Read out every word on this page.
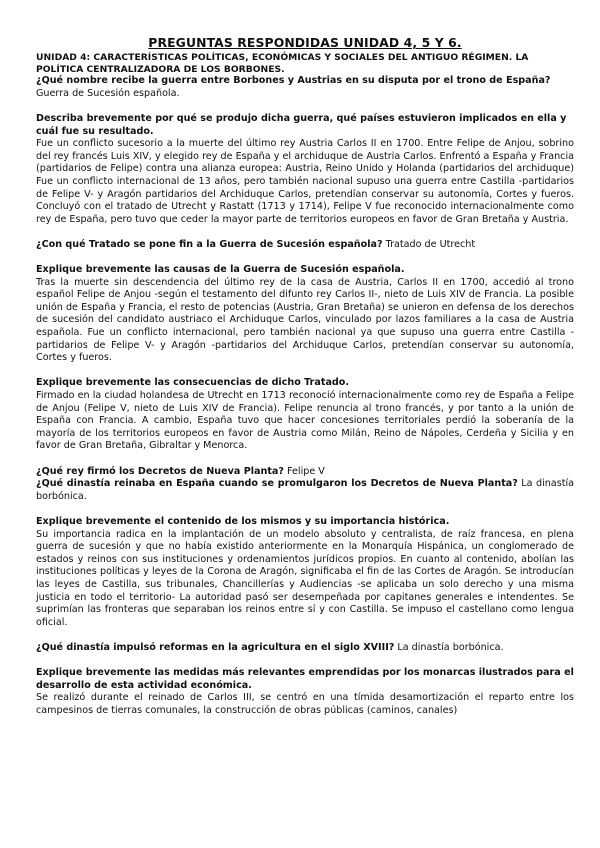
PREGUNTAS RESPONDIDAS UNIDAD 4, 5 Y 6.

UNIDAD 4: CARACTERÍSTICAS POLÍTICAS, ECONÓMICAS Y SOCIALES DEL ANTIGUO RÉGIMEN. LA POLÍTICA CENTRALIZADORA DE LOS BORBONES.

¿Qué nombre recibe la guerra entre Borbones y Austrias en su disputa por el trono de España?

Guerra de Sucesión española.

Describa brevemente por qué se produjo dicha guerra, qué países estuvieron implicados en ella y cuál fue su resultado.

Fue un conflicto sucesorio a la muerte del último rey Austria Carlos II en 1700. Entre Felipe de Anjou, sobrino del rey francés Luis XIV, y elegido rey de España y el archiduque de Austria Carlos. Enfrentó a España y Francia (partidarios de Felipe) contra una alianza europea: Austria, Reino Unido y Holanda (partidarios del archiduque) Fue un conflicto internacional de 13 años, pero también nacional supuso una guerra entre Castilla -partidarios de Felipe V- y Aragón partidarios del Archiduque Carlos, pretendían conservar su autonomía, Cortes y fueros. Concluyó con el tratado de Utrecht y Rastatt (1713 y 1714), Felipe V fue reconocido internacionalmente como rey de España, pero tuvo que ceder la mayor parte de territorios europeos en favor de Gran Bretaña y Austria.

¿Con qué Tratado se pone fin a la Guerra de Sucesión española? Tratado de Utrecht

Explique brevemente las causas de la Guerra de Sucesión española.

Tras la muerte sin descendencia del último rey de la casa de Austria, Carlos II en 1700, accedió al trono español Felipe de Anjou -según el testamento del difunto rey Carlos II-, nieto de Luis XIV de Francia. La posible unión de España y Francia, el resto de potencias (Austria, Gran Bretaña) se unieron en defensa de los derechos de sucesión del candidato austriaco el Archiduque Carlos, vinculado por lazos familiares a la casa de Austria española. Fue un conflicto internacional, pero también nacional ya que supuso una guerra entre Castilla -partidarios de Felipe V- y Aragón -partidarios del Archiduque Carlos, pretendían conservar su autonomía, Cortes y fueros.

Explique brevemente las consecuencias de dicho Tratado.

Firmado en la ciudad holandesa de Utrecht en 1713 reconoció internacionalmente como rey de España a Felipe de Anjou (Felipe V, nieto de Luis XIV de Francia). Felipe renuncia al trono francés, y por tanto a la unión de España con Francia. A cambio, España tuvo que hacer concesiones territoriales perdió la soberanía de la mayoría de los territorios europeos en favor de Austria como Milán, Reino de Nápoles, Cerdeña y Sicilia y en favor de Gran Bretaña, Gibraltar y Menorca.

¿Qué rey firmó los Decretos de Nueva Planta? Felipe V

¿Qué dinastía reinaba en España cuando se promulgaron los Decretos de Nueva Planta? La dinastía borbónica.

Explique brevemente el contenido de los mismos y su importancia histórica.

Su importancia radica en la implantación de un modelo absoluto y centralista, de raíz francesa, en plena guerra de sucesión y que no había existido anteriormente en la Monarquía Hispánica, un conglomerado de estados y reinos con sus instituciones y ordenamientos jurídicos propios. En cuanto al contenido, abolían las instituciones políticas y leyes de la Corona de Aragón, significaba el fin de las Cortes de Aragón. Se introducían las leyes de Castilla, sus tribunales, Chancillerías y Audiencias -se aplicaba un solo derecho y una misma justicia en todo el territorio- La autoridad pasó ser desempeñada por capitanes generales e intendentes. Se suprimían las fronteras que separaban los reinos entre sí y con Castilla. Se impuso el castellano como lengua oficial.

¿Qué dinastía impulsó reformas en la agricultura en el siglo XVIII? La dinastía borbónica.

Explique brevemente las medidas más relevantes emprendidas por los monarcas ilustrados para el desarrollo de esta actividad económica.

Se realizó durante el reinado de Carlos III, se centró en una tímida desamortización el reparto entre los campesinos de tierras comunales, la construcción de obras públicas (caminos, canales)
